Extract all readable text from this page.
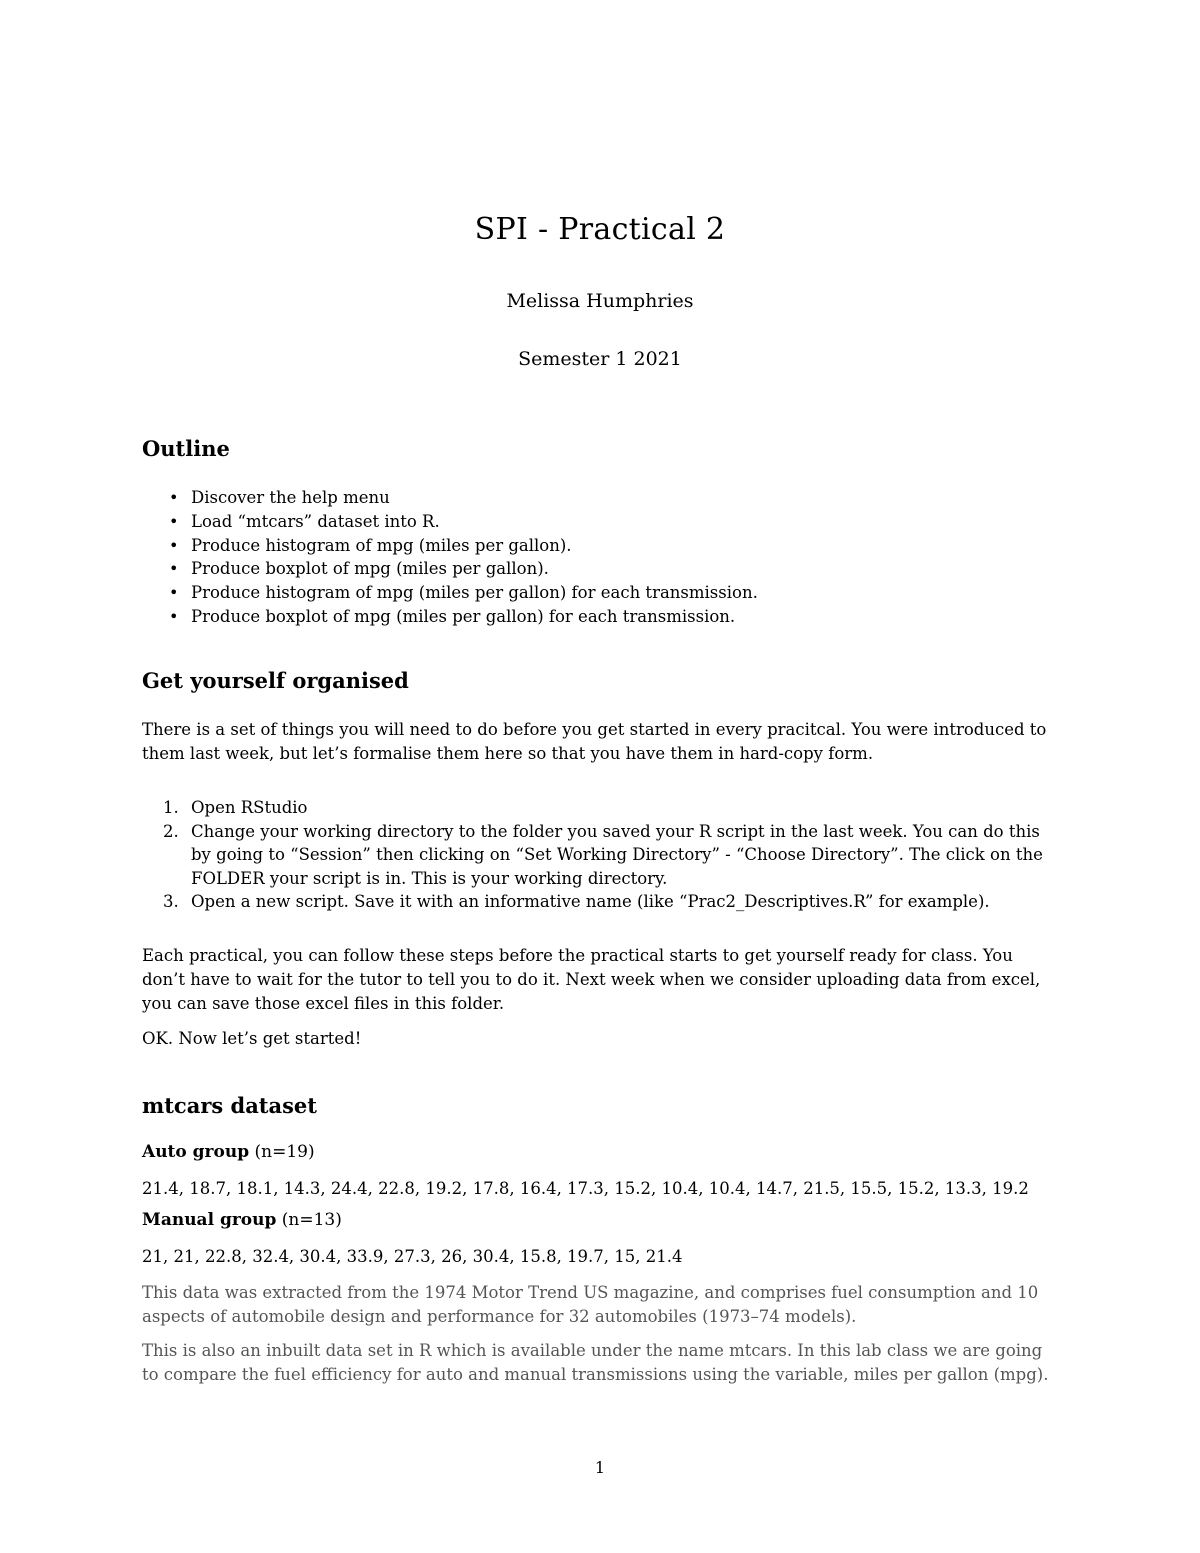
SPI - Practical 2
Melissa Humphries
Semester 1 2021
Outline
• Discover the help menu
• Load “mtcars” dataset into R.
• Produce histogram of mpg (miles per gallon).
• Produce boxplot of mpg (miles per gallon).
• Produce histogram of mpg (miles per gallon) for each transmission.
• Produce boxplot of mpg (miles per gallon) for each transmission.
Get yourself organised

There is a set of things you will need to do before you get started in every pracitcal. You were introduced to them last week, but let’s formalise them here so that you have them in hard-copy form.

1. Open RStudio
2. Change your working directory to the folder you saved your R script in the last week. You can do this by going to “Session” then clicking on “Set Working Directory” - “Choose Directory”. The click on the FOLDER your script is in. This is your working directory.
3. Open a new script. Save it with an informative name (like “Prac2_Descriptives.R” for example).

Each practical, you can follow these steps before the practical starts to get yourself ready for class. You don’t have to wait for the tutor to tell you to do it. Next week when we consider uploading data from excel, you can save those excel files in this folder.

OK. Now let’s get started!

mtcars dataset
Auto group (n=19)

21.4, 18.7, 18.1, 14.3, 24.4, 22.8, 19.2, 17.8, 16.4, 17.3, 15.2, 10.4, 10.4, 14.7, 21.5, 15.5, 15.2, 13.3, 19.2

Manual group (n=13)

21, 21, 22.8, 32.4, 30.4, 33.9, 27.3, 26, 30.4, 15.8, 19.7, 15, 21.4

This data was extracted from the 1974 Motor Trend US magazine, and comprises fuel consumption and 10 aspects of automobile design and performance for 32 automobiles (1973–74 models).

This is also an inbuilt data set in R which is available under the name mtcars. In this lab class we are going to compare the fuel efficiency for auto and manual transmissions using the variable, miles per gallon (mpg).

1
